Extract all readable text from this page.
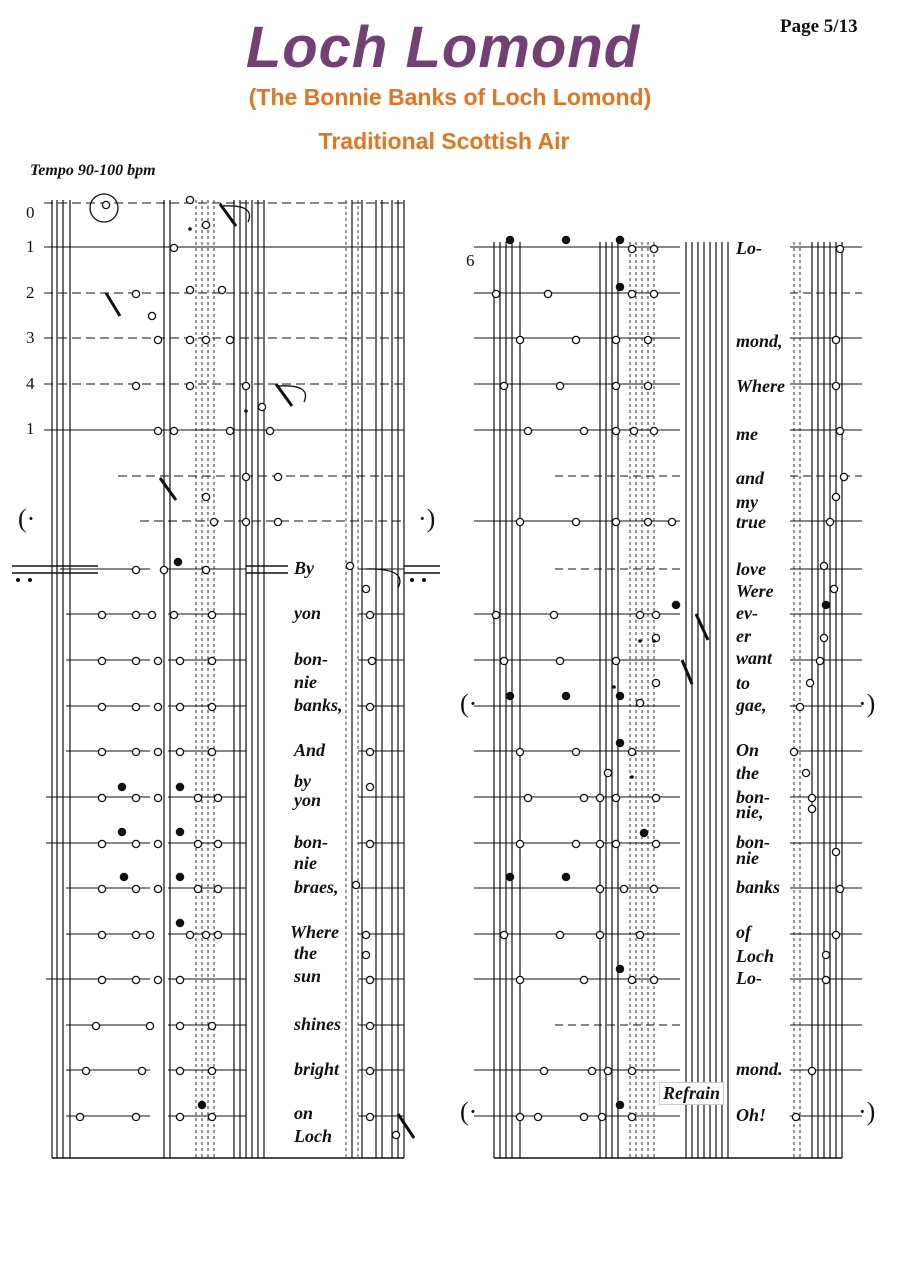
Page 5/13
Loch Lomond
(The Bonnie Banks of Loch Lomond)
Traditional Scottish Air
Tempo 90-100 bpm
0
1
2
3
4
1
6
By
yon
bon-
nie
banks,
And
by
yon
bon-
nie
braes,
Where
the
sun
shines
bright
on
Loch
Lo-
mond,
Where
me
and
my
true
love
Were
ev-
er
want
to
gae,
On
the
bon-
nie,
bon-
nie
banks
of
Loch
Lo-
mond.
Oh!
(·	·)
(·	·)
(·	·)
Refrain
